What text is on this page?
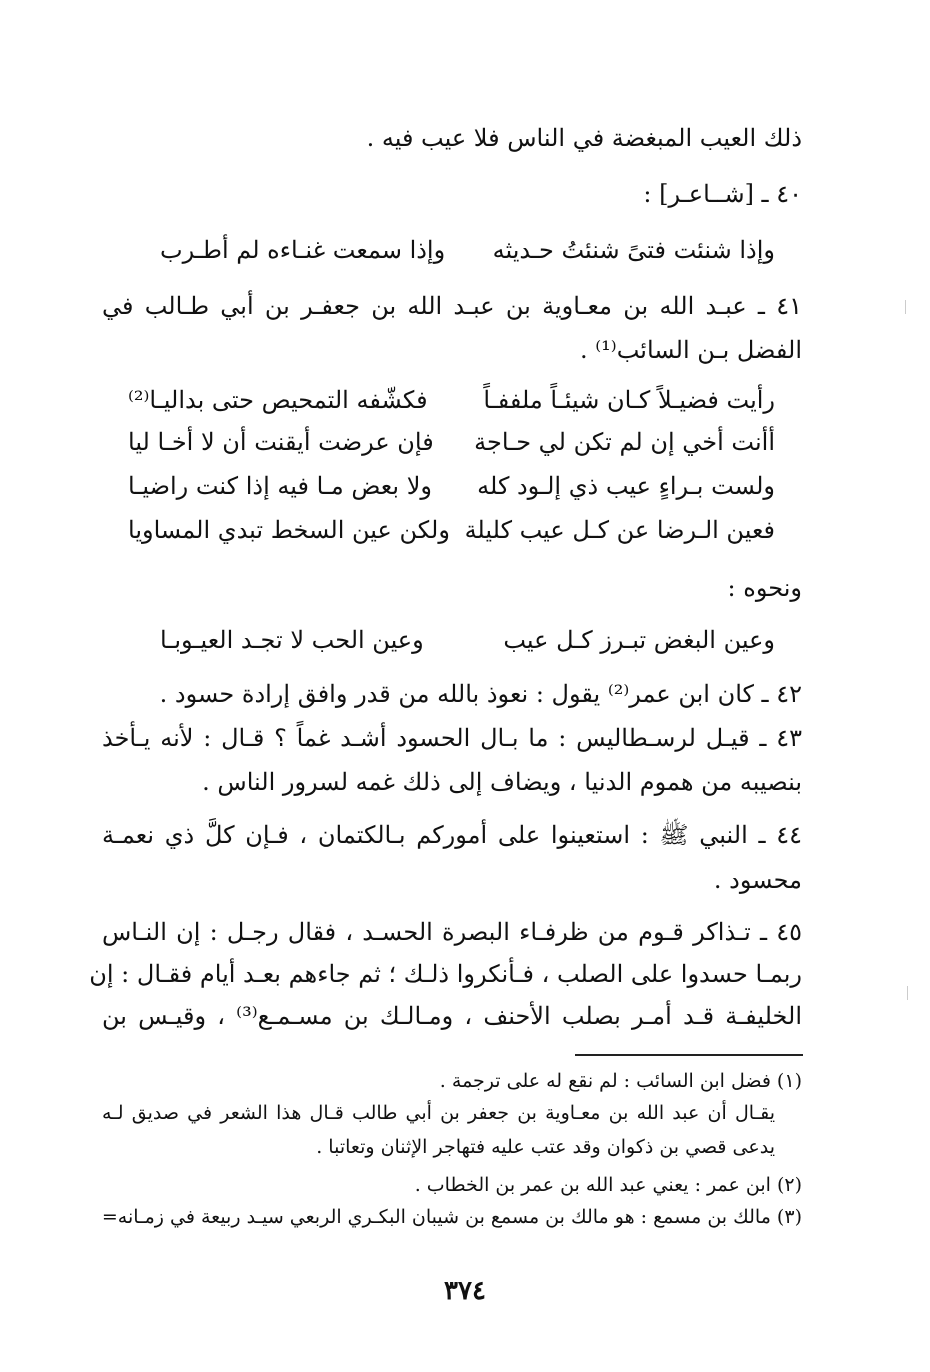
ذلك العيب المبغضة في الناس فلا عيب فيه .
٤٠ ـ [شــاعـر] :
وإذا شنئت فتىً شنئتُ حـديثه
وإذا سمعت غنـاءه لم أطـرب
٤١ ـ عبـد الله بن معـاوية بن عبـد الله بن جعفـر بن أبي طـالب في
الفضل بـن السائب⁽¹⁾ .
رأيت فضيـلاً كـان شيئـاً ملففـاً
فكشّفه التمحيص حتى بداليـا⁽²⁾
أأنت أخي إن لم تكن لي حـاجة
فإن عرضت أيقنت أن لا أخـا ليا
ولست بـراءٍ عيب ذي إلـود كله
ولا بعض مـا فيه إذا كنت راضيـا
فعين الـرضا عن كـل عيب كليلة
ولكن عين السخط تبدي المساويا
ونحوه :
وعين البغض تبـرز كـل عيب
وعين الحب لا تجـد العيـوبـا
٤٢ ـ كان ابن عمر⁽²⁾ يقول : نعوذ بالله من قدر وافق إرادة حسود .
٤٣ ـ قيـل لرسـطاليس : ما بـال الحسود أشـد غماً ؟ قـال : لأنه يـأخذ
بنصيبه من هموم الدنيا ، ويضاف إلى ذلك غمه لسرور الناس .
٤٤ ـ النبي ﷺ : استعينوا على أموركم بـالكتمان ، فـإن كلَّ ذي نعمـة
محسود .
٤٥ ـ تـذاكر قـوم من ظرفـاء البصرة الحسـد ، فقال رجـل : إن النـاس
ربمـا حسدوا على الصلب ، فـأنكروا ذلـك ؛ ثم جاءهم بعـد أيام فقـال : إن
الخليفـة قـد أمـر بصلب الأحنف ، ومـالـك بن مسـمـع⁽³⁾ ، وقيـس بن
(١) فضل ابن السائب : لم نقع له على ترجمة .
يقـال أن عبد الله بن معـاوية بن جعفر بن أبي طالب قـال هذا الشعر في صديق لـه
يدعى قصي بن ذكوان وقد عتب عليه فتهاجر الإثنان وتعاتبا .
(٢) ابن عمر : يعني عبد الله بن عمر بن الخطاب .
(٣) مالك بن مسمع : هو مالك بن مسمع بن شيبان البكـري الربعي سيـد ربيعة في زمـانه=
٣٧٤
